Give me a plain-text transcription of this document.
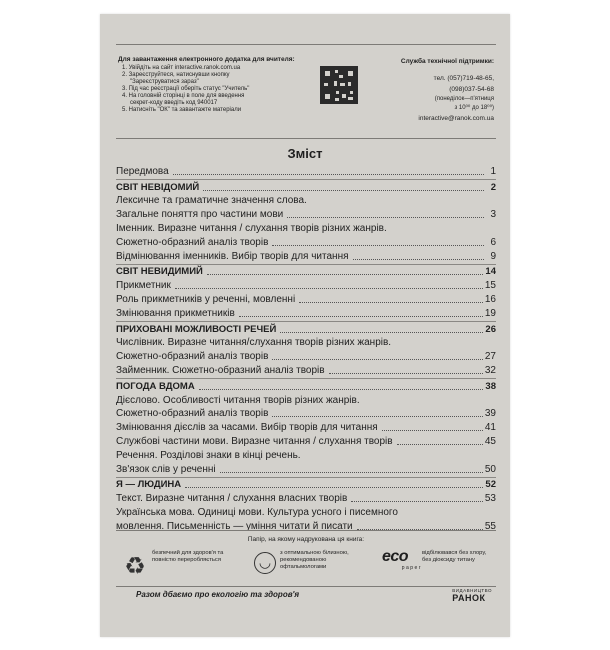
Для завантаження електронного додатка для вчителя:
1. Увійдіть на сайт interactive.ranok.com.ua
2. Зареєструйтеся, натиснувши кнопку
"Зареєструватися зараз"
3. Під час реєстрації оберіть статус "Учитель"
4. На головній сторінці в поле для введення
секрет-коду введіть код 940017
5. Натисніть "ОК" та завантажте матеріали
Служба технічної підтримки:
тел. (057)719-48-65,
(098)037-54-68
(понеділок—п'ятниця
з 10⁰⁰ до 18⁰⁰)
interactive@ranok.com.ua
Зміст
Передмова	1
СВІТ НЕВІДОМИЙ	2
Лексичне та граматичне значення слова.
Загальне поняття про частини мови	3
Іменник. Виразне читання / слухання творів різних жанрів.
Сюжетно-образний аналіз творів	6
Відмінювання іменників. Вибір творів для читання	9
СВІТ НЕВИДИМИЙ	14
Прикметник	15
Роль прикметників у реченні, мовленні	16
Змінювання прикметників	19
ПРИХОВАНІ МОЖЛИВОСТІ РЕЧЕЙ	26
Числівник. Виразне читання/слухання творів різних жанрів.
Сюжетно-образний аналіз творів	27
Займенник. Сюжетно-образний аналіз творів	32
ПОГОДА ВДОМА	38
Дієслово. Особливості читання творів різних жанрів.
Сюжетно-образний аналіз творів	39
Змінювання дієслів за часами. Вибір творів для читання	41
Службові частини мови. Виразне читання / слухання творів	45
Речення. Розділові знаки в кінці речень.
Зв'язок слів у реченні	50
Я — ЛЮДИНА	52
Текст. Виразне читання / слухання власних творів	53
Українська мова. Одиниці мови. Культура усного і писемного
мовлення. Письменність — уміння читати й писати	55
Папір, на якому надрукована ця книга:
♻	безпечний для здоров'я та повністю переробляється	◡
з оптимальною білизною, рекомендованою офтальмологами
eco
paper
відбілювався без хлору, без діоксиду титану
Разом дбаємо про екологію та здоров'я	ВИДАВНИЦТВО
РАНОК
